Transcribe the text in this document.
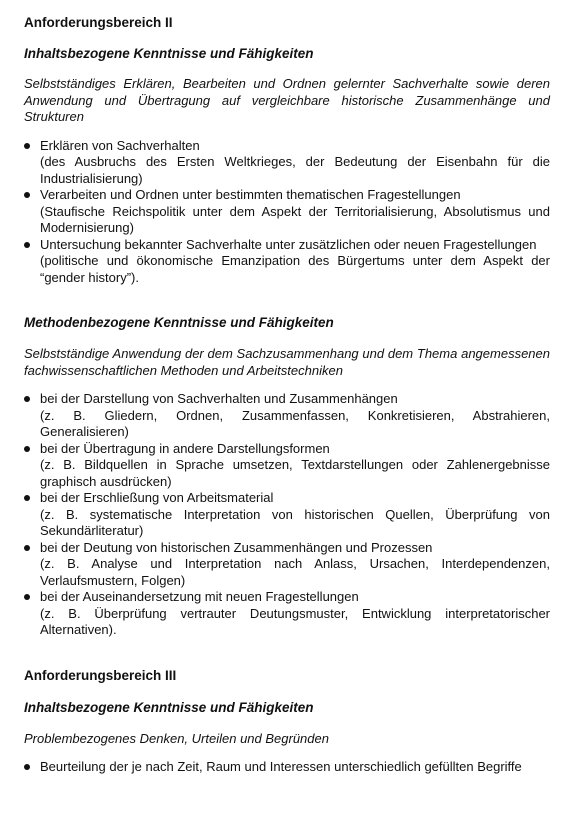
Anforderungsbereich II
Inhaltsbezogene Kenntnisse und Fähigkeiten

Selbstständiges Erklären, Bearbeiten und Ordnen gelernter Sachverhalte sowie deren Anwendung und Übertragung auf vergleichbare historische Zusammenhänge und Strukturen

Erklären von Sachverhalten
(des Ausbruchs des Ersten Weltkrieges, der Bedeutung der Eisenbahn für die Industrialisierung)
Verarbeiten und Ordnen unter bestimmten thematischen Fragestellungen
(Staufische Reichspolitik unter dem Aspekt der Territorialisierung, Absolutismus und Modernisierung)
Untersuchung bekannter Sachverhalte unter zusätzlichen oder neuen Fragestellungen
(politische und ökonomische Emanzipation des Bürgertums unter dem Aspekt der “gender history”).
Methodenbezogene Kenntnisse und Fähigkeiten

Selbstständige Anwendung der dem Sachzusammenhang und dem Thema angemessenen fachwissenschaftlichen Methoden und Arbeitstechniken

bei der Darstellung von Sachverhalten und Zusammenhängen
(z. B. Gliedern, Ordnen, Zusammenfassen, Konkretisieren, Abstrahieren, Generalisieren)
bei der Übertragung in andere Darstellungsformen
(z. B. Bildquellen in Sprache umsetzen, Textdarstellungen oder Zahlenergebnisse graphisch ausdrücken)
bei der Erschließung von Arbeitsmaterial
(z. B. systematische Interpretation von historischen Quellen, Überprüfung von Sekundärliteratur)
bei der Deutung von historischen Zusammenhängen und Prozessen
(z. B. Analyse und Interpretation nach Anlass, Ursachen, Interdependenzen, Verlaufsmustern, Folgen)
bei der Auseinandersetzung mit neuen Fragestellungen
(z. B. Überprüfung vertrauter Deutungsmuster, Entwicklung interpretatorischer Alternativen).
Anforderungsbereich III
Inhaltsbezogene Kenntnisse und Fähigkeiten

Problembezogenes Denken, Urteilen und Begründen

Beurteilung der je nach Zeit, Raum und Interessen unterschiedlich gefüllten Begriffe
